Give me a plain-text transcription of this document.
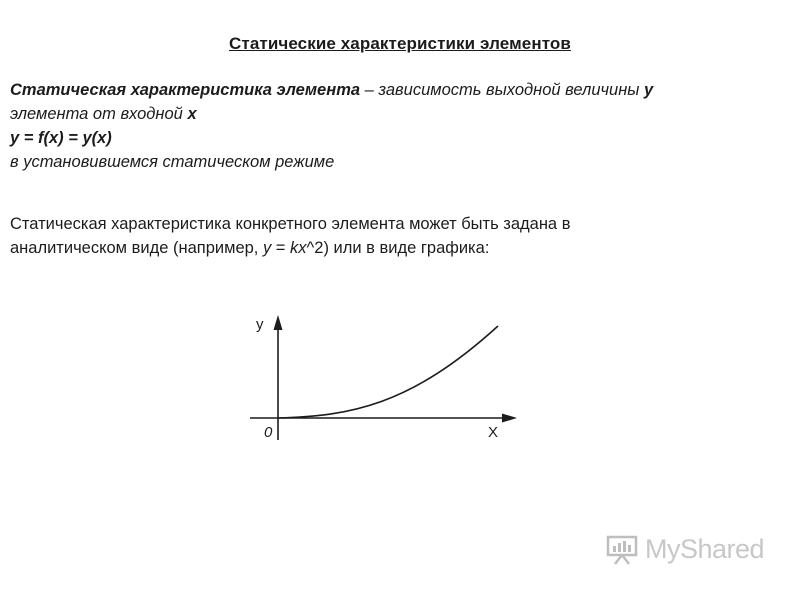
Статические характеристики элементов
Статическая характеристика элемента – зависимость выходной величины y
элемента от входной x
y = f(x) = y(x)
в установившемся статическом режиме
Статическая характеристика конкретного элемента может быть задана в
аналитическом виде (например, y = kx^2) или в виде графика:
y
X
0
MyShared
